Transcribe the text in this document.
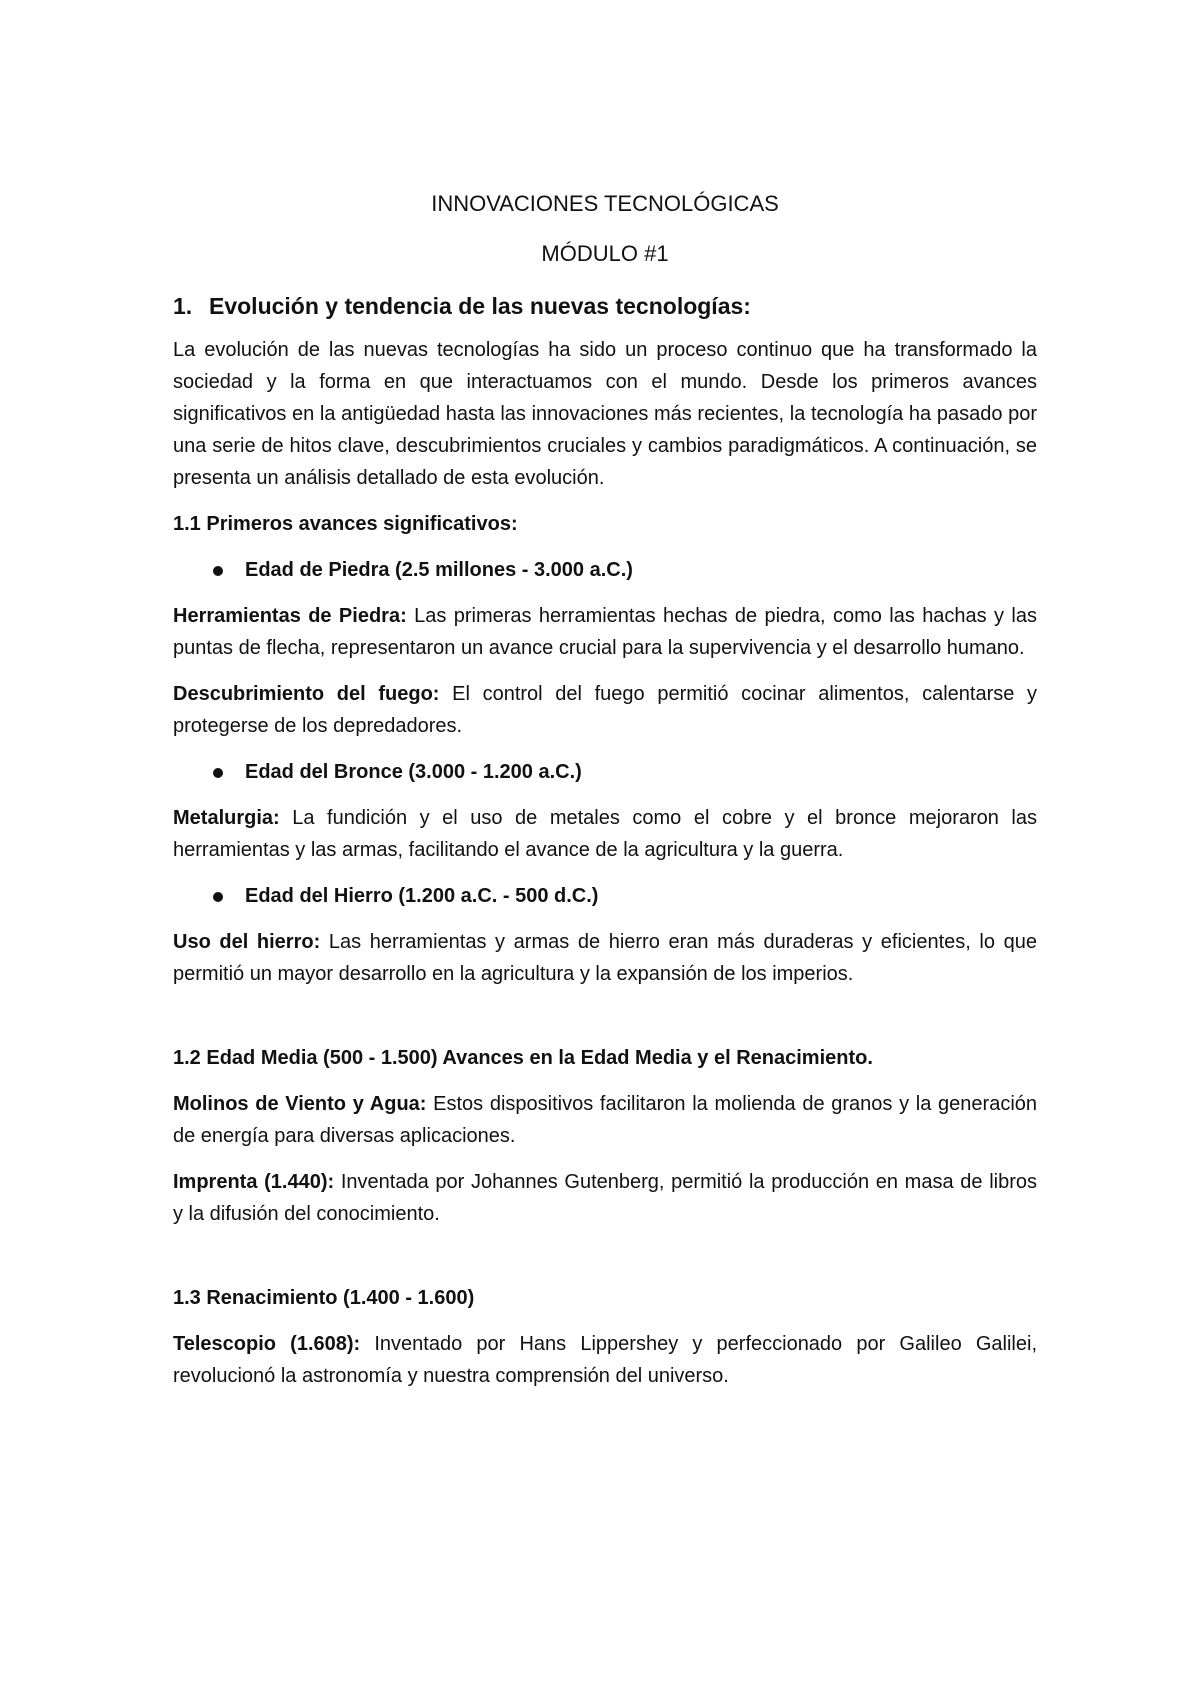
INNOVACIONES TECNOLÓGICAS

MÓDULO #1

1. Evolución y tendencia de las nuevas tecnologías:

La evolución de las nuevas tecnologías ha sido un proceso continuo que ha transformado la sociedad y la forma en que interactuamos con el mundo. Desde los primeros avances significativos en la antigüedad hasta las innovaciones más recientes, la tecnología ha pasado por una serie de hitos clave, descubrimientos cruciales y cambios paradigmáticos. A continuación, se presenta un análisis detallado de esta evolución.

1.1 Primeros avances significativos:
Edad de Piedra (2.5 millones - 3.000 a.C.)

Herramientas de Piedra: Las primeras herramientas hechas de piedra, como las hachas y las puntas de flecha, representaron un avance crucial para la supervivencia y el desarrollo humano.

Descubrimiento del fuego: El control del fuego permitió cocinar alimentos, calentarse y protegerse de los depredadores.

Edad del Bronce (3.000 - 1.200 a.C.)

Metalurgia: La fundición y el uso de metales como el cobre y el bronce mejoraron las herramientas y las armas, facilitando el avance de la agricultura y la guerra.

Edad del Hierro (1.200 a.C. - 500 d.C.)

Uso del hierro: Las herramientas y armas de hierro eran más duraderas y eficientes, lo que permitió un mayor desarrollo en la agricultura y la expansión de los imperios.

1.2 Edad Media (500 - 1.500) Avances en la Edad Media y el Renacimiento.

Molinos de Viento y Agua: Estos dispositivos facilitaron la molienda de granos y la generación de energía para diversas aplicaciones.

Imprenta (1.440): Inventada por Johannes Gutenberg, permitió la producción en masa de libros y la difusión del conocimiento.

1.3 Renacimiento (1.400 - 1.600)

Telescopio (1.608): Inventado por Hans Lippershey y perfeccionado por Galileo Galilei, revolucionó la astronomía y nuestra comprensión del universo.
